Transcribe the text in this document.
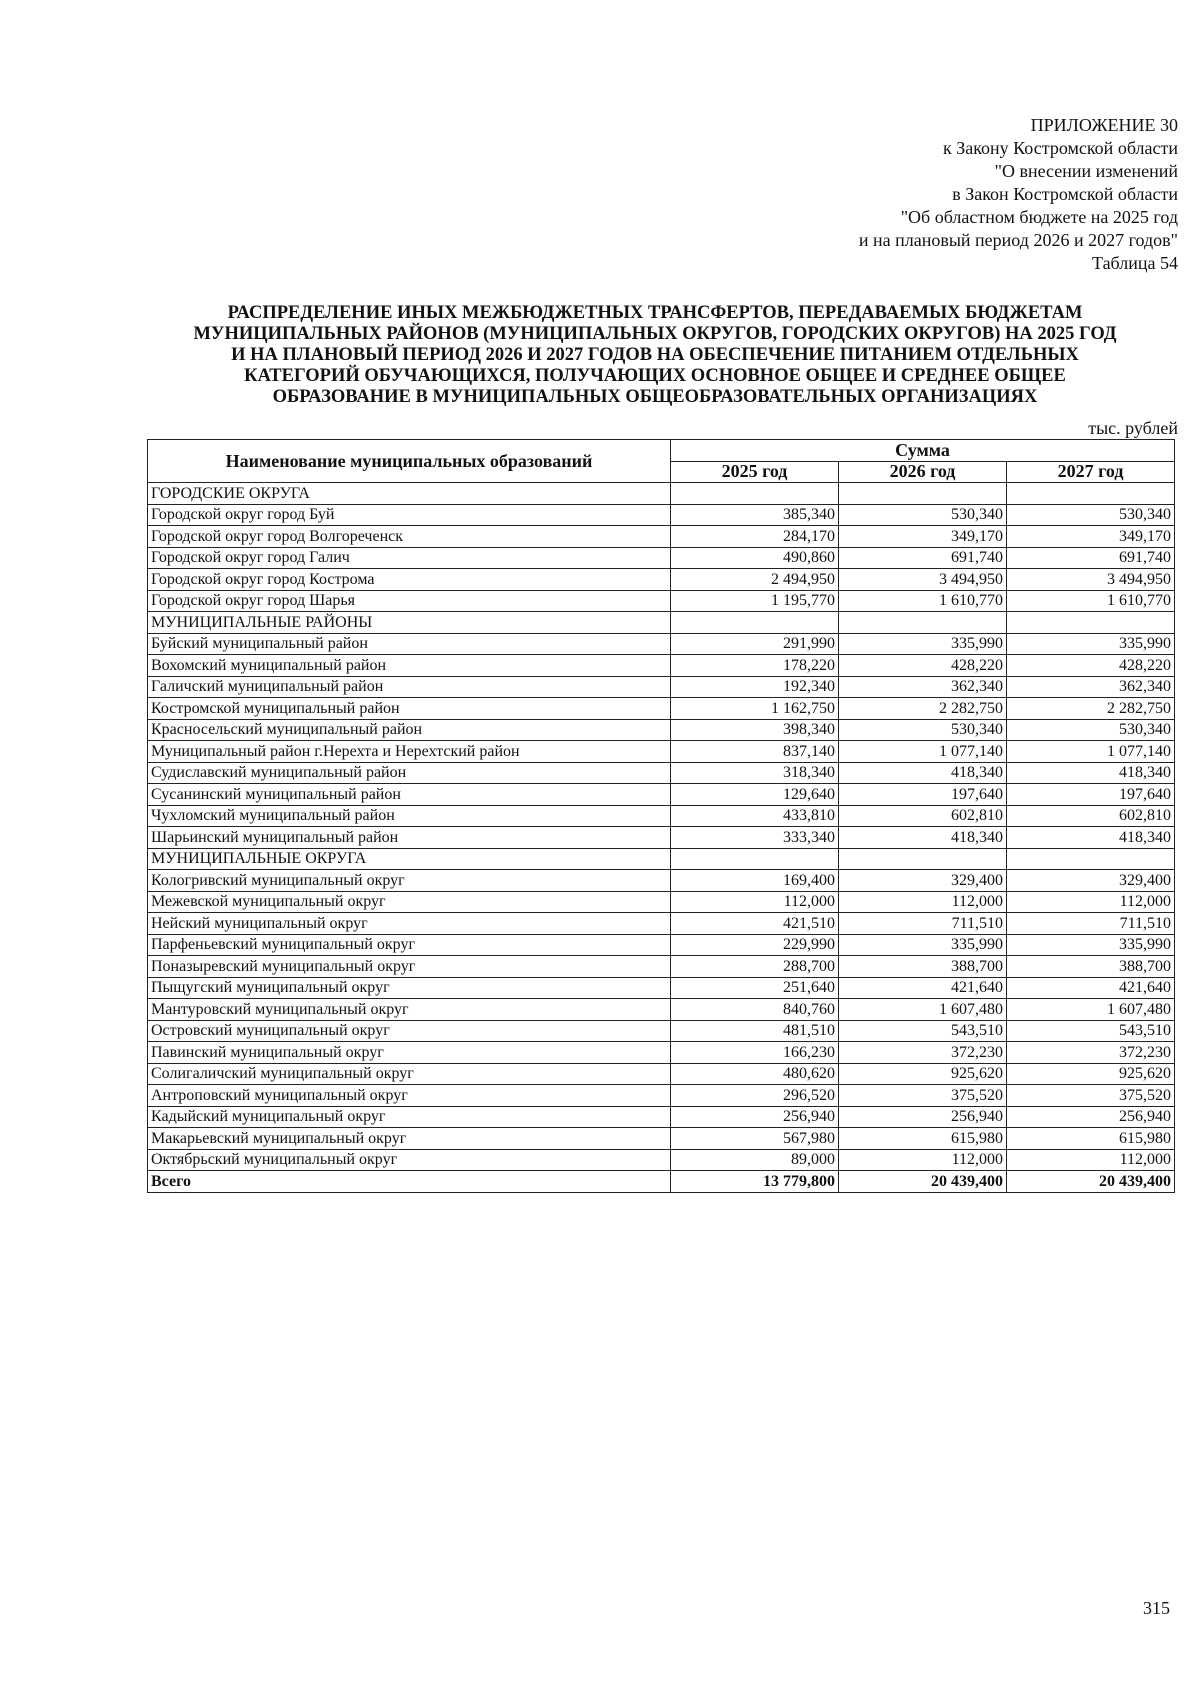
ПРИЛОЖЕНИЕ 30
к Закону Костромской области
"О внесении изменений
в Закон Костромской области
"Об областном бюджете на 2025 год
и на плановый период 2026 и 2027 годов"
Таблица 54
РАСПРЕДЕЛЕНИЕ ИНЫХ МЕЖБЮДЖЕТНЫХ ТРАНСФЕРТОВ, ПЕРЕДАВАЕМЫХ БЮДЖЕТАМ
МУНИЦИПАЛЬНЫХ РАЙОНОВ (МУНИЦИПАЛЬНЫХ ОКРУГОВ, ГОРОДСКИХ ОКРУГОВ) НА 2025 ГОД
И НА ПЛАНОВЫЙ ПЕРИОД 2026 И 2027 ГОДОВ НА ОБЕСПЕЧЕНИЕ ПИТАНИЕМ ОТДЕЛЬНЫХ
КАТЕГОРИЙ ОБУЧАЮЩИХСЯ, ПОЛУЧАЮЩИХ ОСНОВНОЕ ОБЩЕЕ И СРЕДНЕЕ ОБЩЕЕ
ОБРАЗОВАНИЕ В МУНИЦИПАЛЬНЫХ ОБЩЕОБРАЗОВАТЕЛЬНЫХ ОРГАНИЗАЦИЯХ
тыс. рублей
Наименование муниципальных образований	Сумма		
	2025 год	2026 год	2027 год
ГОРОДСКИЕ ОКРУГА			
Городской округ город Буй	385,340	530,340	530,340
Городской округ город Волгореченск	284,170	349,170	349,170
Городской округ город Галич	490,860	691,740	691,740
Городской округ город Кострома	2 494,950	3 494,950	3 494,950
Городской округ город Шарья	1 195,770	1 610,770	1 610,770
МУНИЦИПАЛЬНЫЕ РАЙОНЫ			
Буйский муниципальный район	291,990	335,990	335,990
Вохомский муниципальный район	178,220	428,220	428,220
Галичский муниципальный район	192,340	362,340	362,340
Костромской муниципальный район	1 162,750	2 282,750	2 282,750
Красносельский муниципальный район	398,340	530,340	530,340
Муниципальный район г.Нерехта и Нерехтский район	837,140	1 077,140	1 077,140
Судиславский муниципальный район	318,340	418,340	418,340
Сусанинский муниципальный район	129,640	197,640	197,640
Чухломский муниципальный район	433,810	602,810	602,810
Шарьинский муниципальный район	333,340	418,340	418,340
МУНИЦИПАЛЬНЫЕ ОКРУГА			
Кологривский муниципальный округ	169,400	329,400	329,400
Межевской муниципальный округ	112,000	112,000	112,000
Нейский муниципальный округ	421,510	711,510	711,510
Парфеньевский муниципальный округ	229,990	335,990	335,990
Поназыревский муниципальный округ	288,700	388,700	388,700
Пыщугский муниципальный округ	251,640	421,640	421,640
Мантуровский муниципальный округ	840,760	1 607,480	1 607,480
Островский муниципальный округ	481,510	543,510	543,510
Павинский муниципальный округ	166,230	372,230	372,230
Солигаличский муниципальный округ	480,620	925,620	925,620
Антроповский муниципальный округ	296,520	375,520	375,520
Кадыйский муниципальный округ	256,940	256,940	256,940
Макарьевский муниципальный округ	567,980	615,980	615,980
Октябрьский муниципальный округ	89,000	112,000	112,000
Всего	13 779,800	20 439,400	20 439,400
315
